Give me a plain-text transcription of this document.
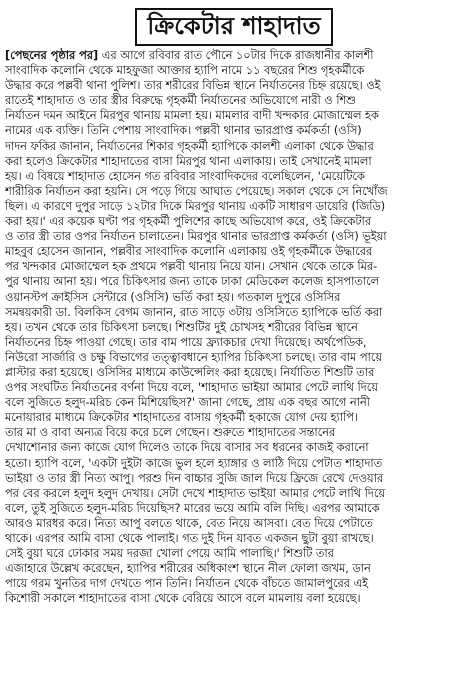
ক্রিকেটার শাহাদাত
[পেছনের পৃষ্ঠার পর] এর আগে রবিবার রাত পৌনে ১০টার দিকে রাজধানীর কালশী
সাংবাদিক কলোনি থেকে মাহফুজা আক্তার হ্যাপি নামে ১১ বছরের শিশু গৃহকর্মীকে
উদ্ধার করে পল্লবী থানা পুলিশ। তার শরীরের বিভিন্ন স্থানে নির্যাতনের চিহ্ন রয়েছে। ওই
রাতেই শাহাদাত ও তার স্ত্রীর বিরুদ্ধে গৃহকর্মী নির্যাতনের অভিযোগে নারী ও শিশু
নির্যাতন দমন আইনে মিরপুর থানায় মামলা হয়। মামলার বাদী খন্দকার মোজাম্মেল হক
নামের এক ব্যক্তি। তিনি পেশায় সাংবাদিক। পল্লবী থানার ভারপ্রাপ্ত কর্মকর্তা (ওসি)
দাদন ফকির জানান, নির্যাতনের শিকার গৃহকর্মী হ্যাপিকে কালশী এলাকা থেকে উদ্ধার
করা হলেও ক্রিকেটার শাহাদাতের বাসা মিরপুর থানা এলাকায়। তাই সেখানেই মামলা
হয়। এ বিষয়ে শাহাদাত হোসেন গত রবিবার সাংবাদিকদের বলেছিলেন, 'মেয়েটিকে
শারীরিক নির্যাতন করা হয়নি। সে পড়ে গিয়ে আঘাত পেয়েছে। সকাল থেকে সে নিখোঁজ
ছিল। এ কারণে দুপুর সাড়ে ১২টার দিকে মিরপুর থানায় একটি সাধারণ ডায়েরি (জিডি)
করা হয়।' এর কয়েক ঘণ্টা পর গৃহকর্মী পুলিশের কাছে অভিযোগ করে, ওই ক্রিকেটার
ও তার স্ত্রী তার ওপর নির্যাতন চালাতেন। মিরপুর থানার ভারপ্রাপ্ত কর্মকর্তা (ওসি) ভূইয়া
মাহবুব হোসেন জানান, পল্লবীর সাংবাদিক কলোনি এলাকায় ওই গৃহকর্মীকে উদ্ধারের
পর খন্দকার মোজাম্মেল হক প্রথমে পল্লবী থানায় নিয়ে যান। সেখান থেকে তাকে মির-
পুর থানায় আনা হয়। পরে চিকিৎসার জন্য তাকে ঢাকা মেডিকেল কলেজ হাসপাতালে
ওয়ানস্টপ ক্রাইসিস সেন্টারে (ওসিসি) ভর্তি করা হয়। গতকাল দুপুরে ওসিসির
সমন্বয়কারী ডা. বিলকিস বেগম জানান, রাত সাড়ে ৩টায় ওসিসিতে হ্যাপিকে ভর্তি করা
হয়। তখন থেকে তার চিকিৎসা চলছে। শিশুটির দুই চোখসহ শরীরের বিভিন্ন স্থানে
নির্যাতনের চিহ্ন পাওয়া গেছে। তার বাম পায়ে ফ্র্যাকচার দেখা দিয়েছে। অর্থপেডিক,
নিউরো সার্জারি ও চক্ষু বিভাগের তত্ত্বাবধানে হ্যাপির চিকিৎসা চলছে। তার বাম পায়ে
প্লাস্টার করা হয়েছে। ওসিসির মাধ্যমে কাউন্সেলিং করা হয়েছে। নির্যাতিত শিশুটি তার
ওপর সংঘটিত নির্যাতনের বর্ণনা দিয়ে বলে, 'শাহাদাত ভাইয়া আমার পেটে লাথি দিয়ে
বলে সুজিতে হলুদ-মরিচ কেন মিশিয়েছিস?' জানা গেছে, প্রায় এক বছর আগে নানী
মনোয়ারার মাধ্যমে ক্রিকেটার শাহাদাতের বাসায় গৃহকর্মী হকাজে যোগ দেয় হ্যাপি।
তার মা ও বাবা অন্যত্র বিয়ে করে চলে গেছেন। শুরুতে শাহাদাতের সন্তানের
দেখাশোনার জন্য কাজে যোগ দিলেও তাকে দিয়ে বাসার সব ধরনের কাজই করানো
হতো। হ্যাপি বলে, 'একটা দুইটা কাজে ভুল হলে হ্যাঙ্গার ও লাঠি দিয়ে পেটাত শাহাদাত
ভাইয়া ও তার স্ত্রী নিত্য আপু। পরশু দিন বাচ্চার সুজি জাল দিয়ে ফ্রিজে রেখে দেওয়ার
পর বের করলে হলুদ হলুদ দেখায়। সেটা দেখে শাহাদাত ভাইয়া আমার পেটে লাথি দিয়ে
বলে, তুই সুজিতে হলুদ-মরিচ দিয়েছিস? মারের ভয়ে আমি বলি দিছি। এরপর আমাকে
আরও মারধর করে। নিত্য আপু বলতে থাকে, বেত নিয়ে আসবা। বেত দিয়ে পেটাতে
থাকে। এরপর আমি বাসা থেকে পালাই। গত দুই দিন যাবত একজন ছুটা বুয়া রাখছে।
সেই বুয়া ঘরে ঢোকার সময় দরজা খোলা পেয়ে আমি পালাছি।' শিশুটি তার
এজাহারে উল্লেখ করেছেন, হ্যাপির শরীরের অধিকাংশ স্থানে নীল ফোলা জখম, ডান
পায়ে গরম খুনতির দাগ দেখতে পান তিনি। নির্যাতন থেকে বাঁচতে জামালপুরের এই
কিশোরী সকালে শাহাদাতের বাসা থেকে বেরিয়ে আসে বলে মামলায় বলা হয়েছে।
